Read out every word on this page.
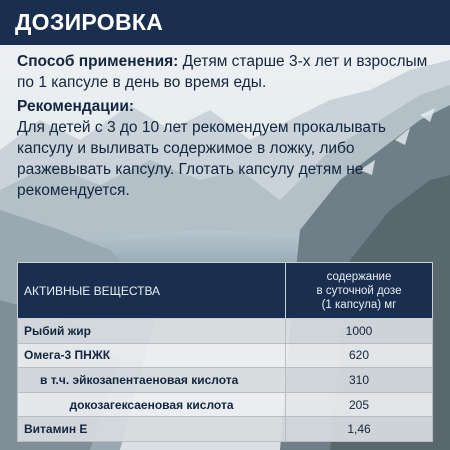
ДОЗИРОВКА

Способ применения: Детям старше 3-х лет и взрослым по 1 капсуле в день во время еды.

Рекомендации:
Для детей с 3 до 10 лет рекомендуем прокалывать капсулу и выливать содержимое в ложку, либо разжевывать капсулу. Глотать капсулу детям не рекомендуется.
АКТИВНЫЕ ВЕЩЕСТВА	содержание
в суточной дозе
(1 капсула) мг

Рыбий жир	1000
Омега-3 ПНЖК	620
в т.ч. эйкозапентаеновая кислота	310
докозагексаеновая кислота	205
Витамин Е	1,46
